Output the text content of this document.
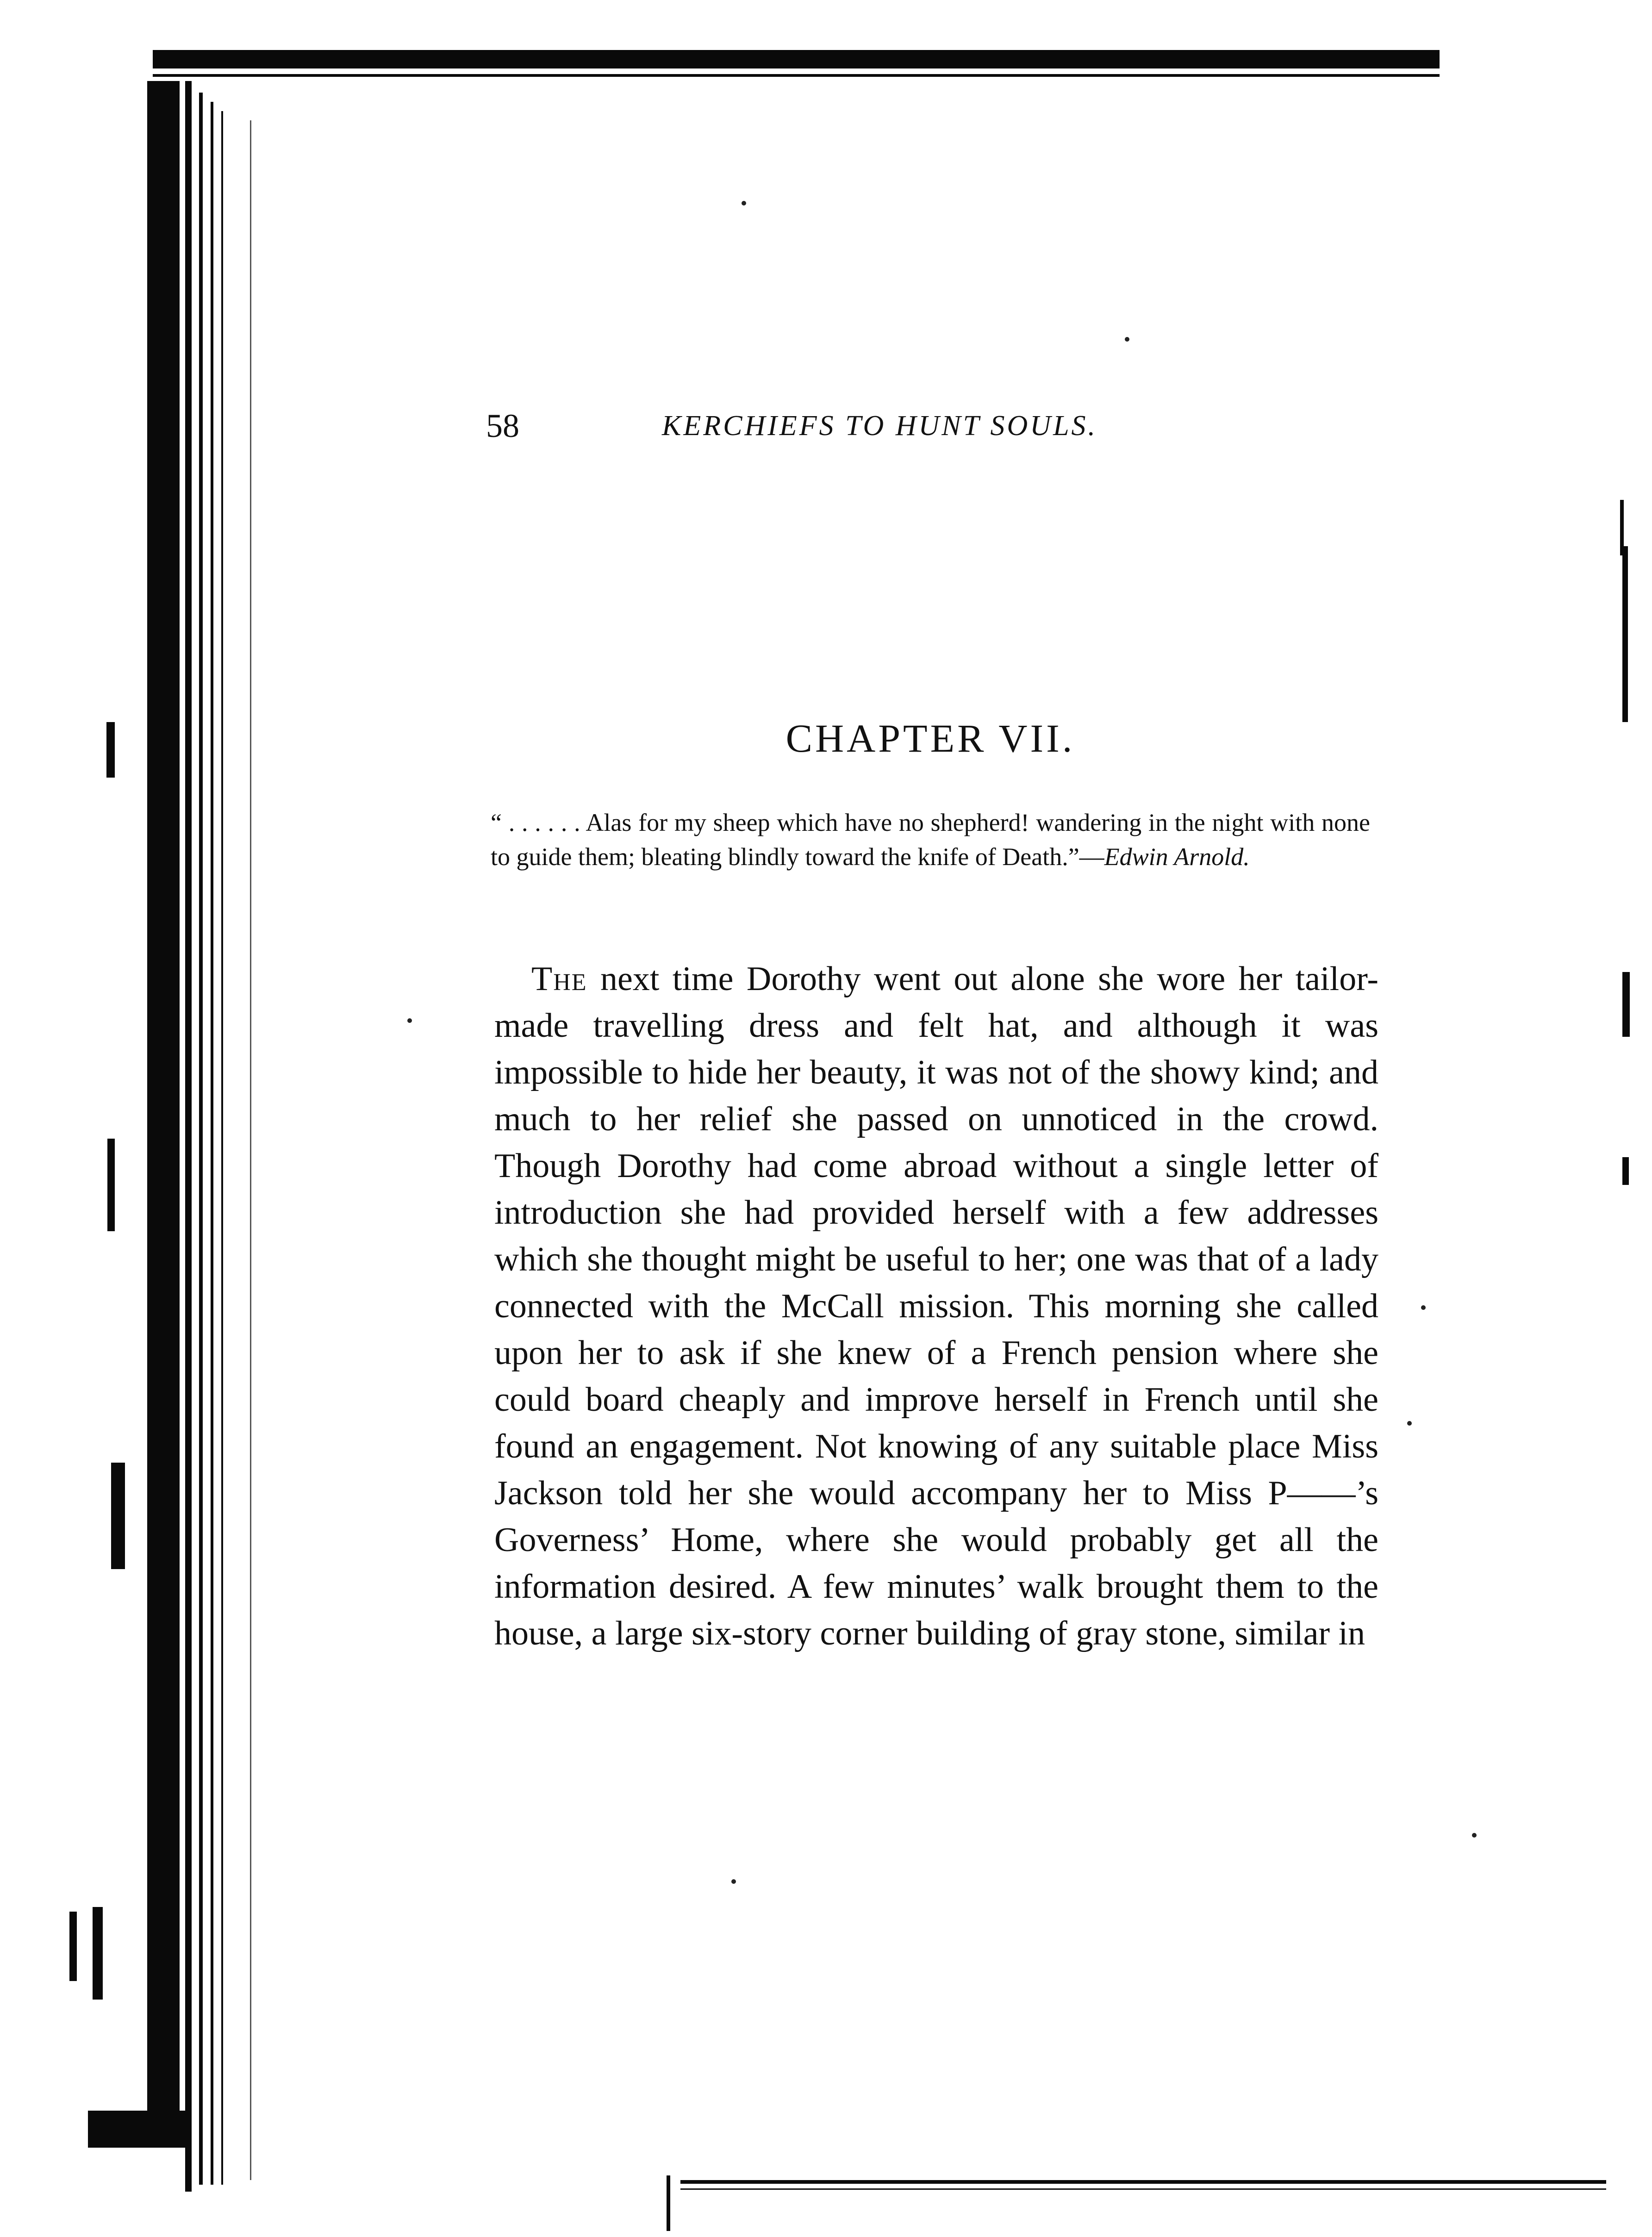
58	KERCHIEFS TO HUNT SOULS.
CHAPTER VII.

“ . . . . . . Alas for my sheep which have no shepherd! wandering in the night with none to guide them; bleating blindly toward the knife of Death.”—Edwin Arnold.

The next time Dorothy went out alone she wore her tailor-made travelling dress and felt hat, and although it was impossible to hide her beauty, it was not of the showy kind; and much to her relief she passed on unnoticed in the crowd. Though Dorothy had come abroad without a single letter of introduction she had provided herself with a few addresses which she thought might be useful to her; one was that of a lady connected with the McCall mission. This morning she called upon her to ask if she knew of a French pension where she could board cheaply and improve herself in French until she found an engagement. Not knowing of any suitable place Miss Jackson told her she would accompany her to Miss P——’s Governess’ Home, where she would probably get all the information desired. A few minutes’ walk brought them to the house, a large six-story corner building of gray stone, similar in
